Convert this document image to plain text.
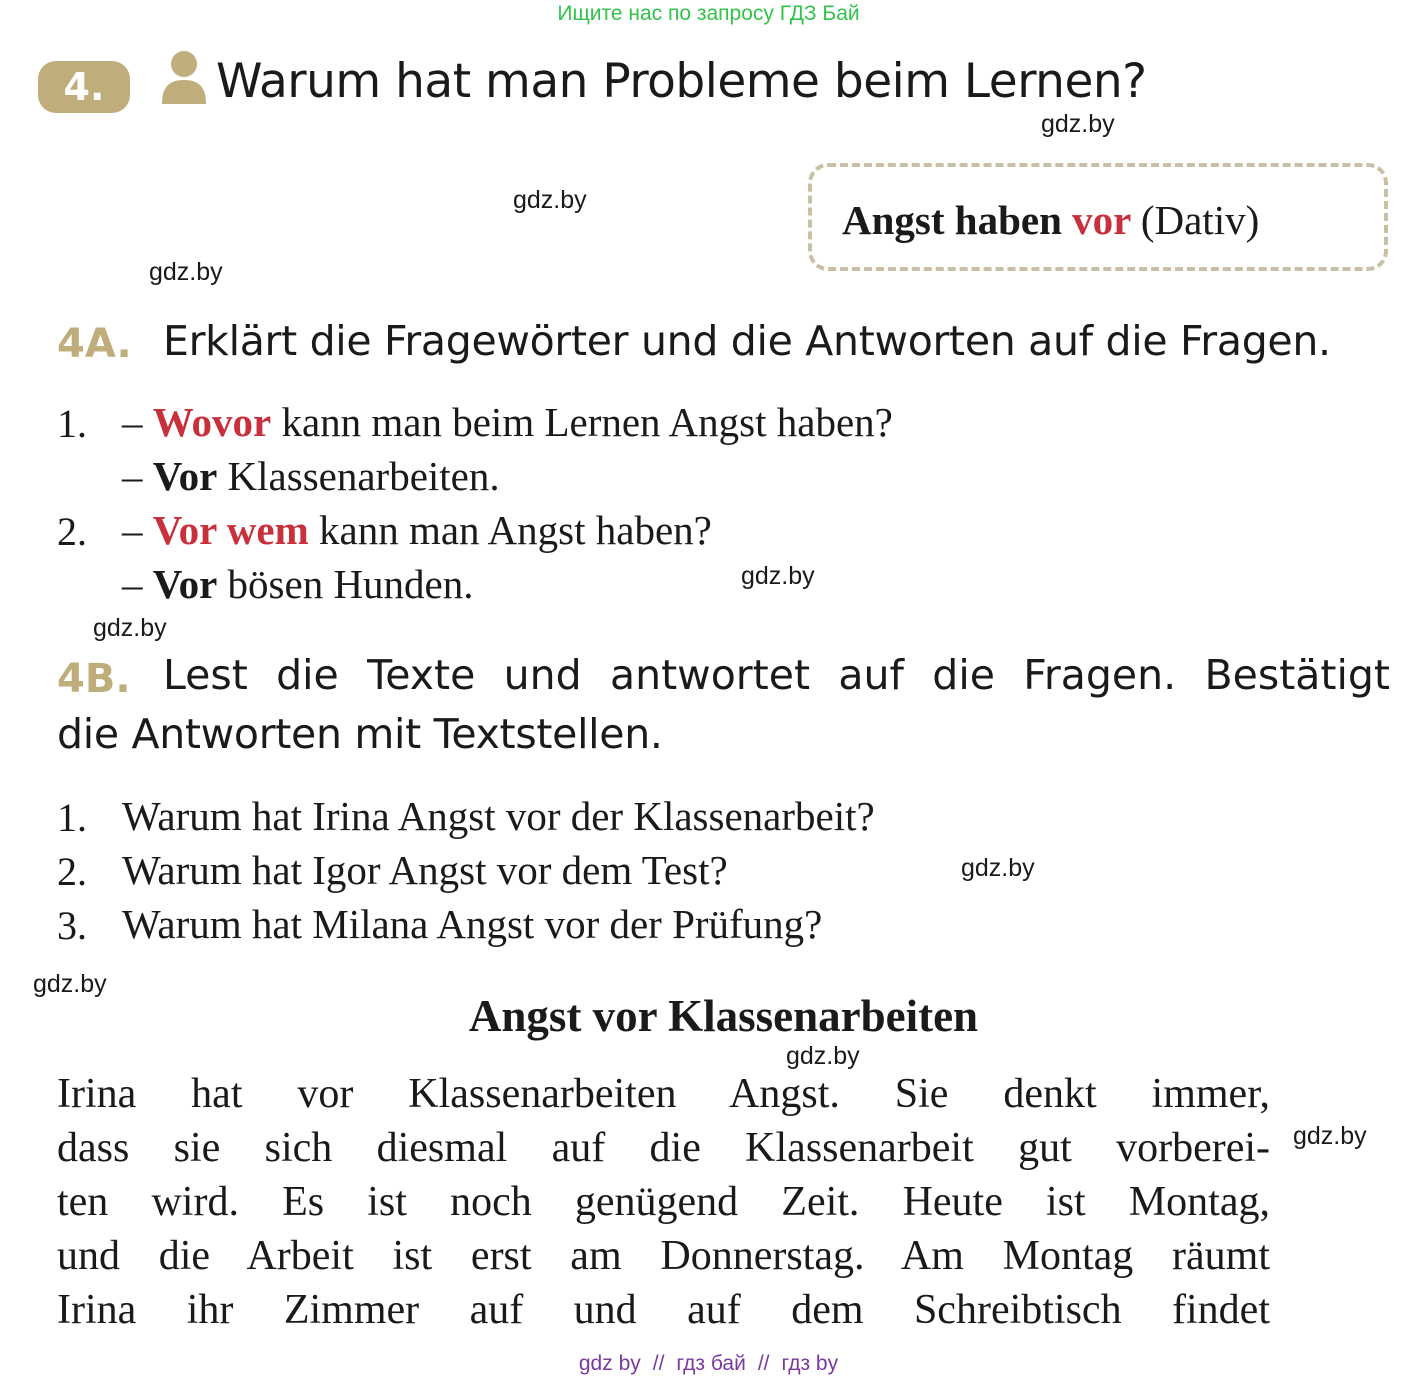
Ищите нас по запросу ГДЗ Бай
4.	Warum hat man Probleme beim Lernen?
gdz.by
gdz.by
gdz.by
Angst haben vor (Dativ)
4A. Erklärt die Fragewörter und die Antworten auf die Fragen.
1. – Wovor kann man beim Lernen Angst haben?
– Vor Klassenarbeiten.
2. – Vor wem kann man Angst haben?
– Vor bösen Hunden.	gdz.by
gdz.by
4B. Lest die Texte und antwortet auf die Fragen. Bestätigt
die Antworten mit Textstellen.
1. Warum hat Irina Angst vor der Klassenarbeit?
2. Warum hat Igor Angst vor dem Test?
3. Warum hat Milana Angst vor der Prüfung?
gdz.by
gdz.by
Angst vor Klassenarbeiten
gdz.by
gdz.by
Irina hat vor Klassenarbeiten Angst. Sie denkt immer,
dass sie sich diesmal auf die Klassenarbeit gut vorberei-
ten wird. Es ist noch genügend Zeit. Heute ist Montag,
und die Arbeit ist erst am Donnerstag. Am Montag räumt
Irina ihr Zimmer auf und auf dem Schreibtisch findet
gdz by // гдз бай // гдз by
